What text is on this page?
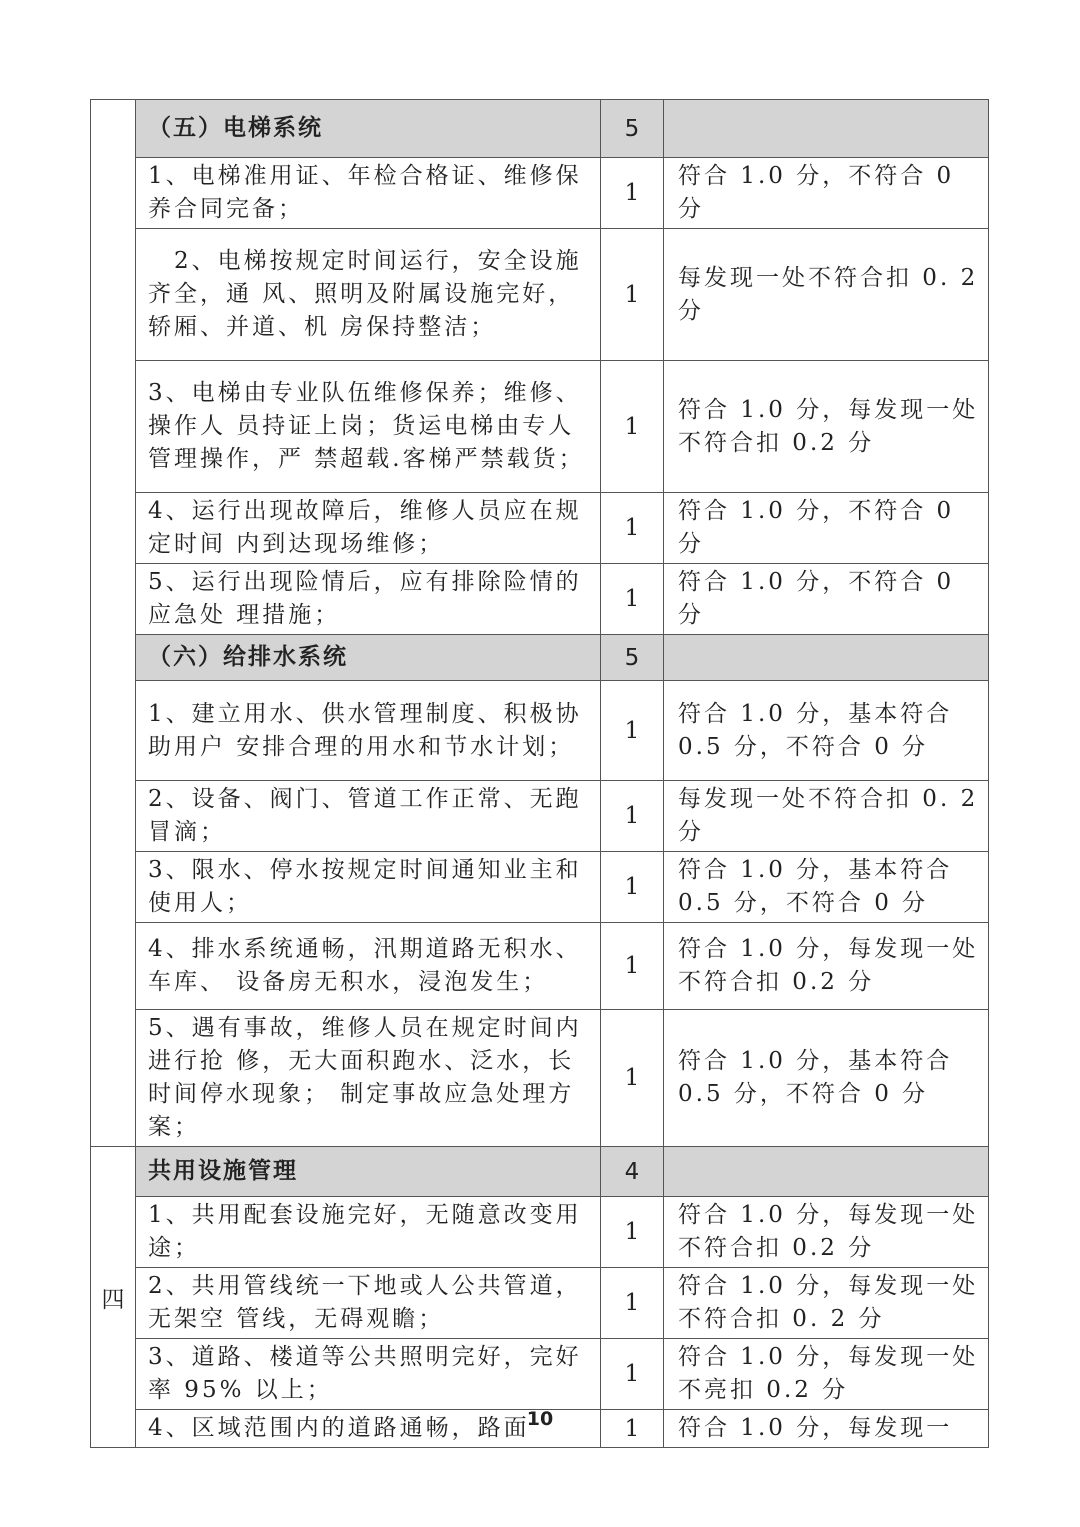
	（五）电梯系统	5	
	1、电梯准用证、年检合格证、维修保养合同完备；	1	符合 1.0 分，不符合 0 分
	　2、电梯按规定时间运行，安全设施齐全，通 风、照明及附属设施完好，轿厢、并道、机 房保持整洁；	1	每发现一处不符合扣 0. 2 分
	3、电梯由专业队伍维修保养；维修、操作人 员持证上岗；货运电梯由专人管理操作，严 禁超载.客梯严禁载货；	1	符合 1.0 分，每发现一处不符合扣 0.2 分
	4、运行出现故障后，维修人员应在规定时间 内到达现场维修；	1	符合 1.0 分，不符合 0 分
	5、运行出现险情后，应有排除险情的应急处 理措施；	1	符合 1.0 分，不符合 0 分
	（六）给排水系统	5	
	1、建立用水、供水管理制度、积极协助用户 安排合理的用水和节水计划；	1	符合 1.0 分，基本符合 0.5 分，不符合 0 分
	2、设备、阀门、管道工作正常、无跑冒滴；	1	每发现一处不符合扣 0. 2 分
	3、限水、停水按规定时间通知业主和使用人；	1	符合 1.0 分，基本符合 0.5 分，不符合 0 分
	4、排水系统通畅，汛期道路无积水、车库、 设备房无积水，浸泡发生；	1	符合 1.0 分，每发现一处不符合扣 0.2 分
	5、遇有事故，维修人员在规定时间内进行抢 修，无大面积跑水、泛水，长时间停水现象； 制定事故应急处理方案；	1	符合 1.0 分，基本符合 0.5 分，不符合 0 分
四	共用设施管理	4	
	1、共用配套设施完好，无随意改变用途；	1	符合 1.0 分，每发现一处不符合扣 0.2 分
	2、共用管线统一下地或人公共管道，无架空 管线，无碍观瞻；	1	符合 1.0 分，每发现一处不符合扣 0. 2 分
	3、道路、楼道等公共照明完好，完好率 95% 以上；	1	符合 1.0 分，每发现一处不亮扣 0.2 分
	4、区域范围内的道路通畅，路面	1	符合 1.0 分，每发现一
10
